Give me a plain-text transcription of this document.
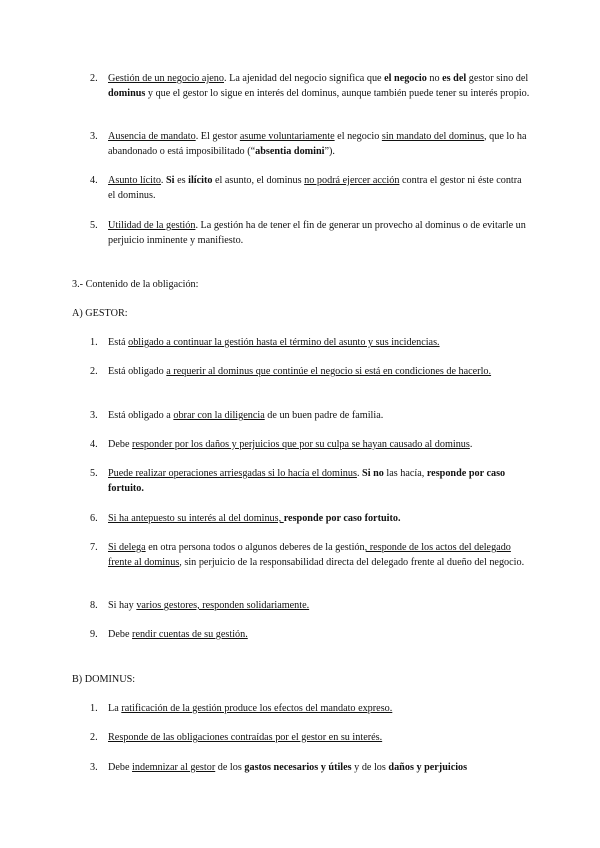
2.	Gestión de un negocio ajeno. La ajenidad del negocio significa que el negocio no es del gestor sino del dominus y que el gestor lo sigue en interés del dominus, aunque también puede tener su interés propio.
3.	Ausencia de mandato. El gestor asume voluntariamente el negocio sin mandato del dominus, que lo ha abandonado o está imposibilitado (“absentia domini”).
4.	Asunto lícito. Si es ilícito el asunto, el dominus no podrá ejercer acción contra el gestor ni éste contra el dominus.
5.	Utilidad de la gestión. La gestión ha de tener el fin de generar un provecho al dominus o de evitarle un perjuicio inminente y manifiesto.
3.- Contenido de la obligación:
A) GESTOR:
1.	Está obligado a continuar la gestión hasta el término del asunto y sus incidencias.
2.	Está obligado a requerir al dominus que continúe el negocio si está en condiciones de hacerlo.
3.	Está obligado a obrar con la diligencia de un buen padre de familia.
4.	Debe responder por los daños y perjuicios que por su culpa se hayan causado al dominus.
5.	Puede realizar operaciones arriesgadas si lo hacía el dominus. Si no las hacía, responde por caso fortuito.
6.	Si ha antepuesto su interés al del dominus, responde por caso fortuito.
7.	Si delega en otra persona todos o algunos deberes de la gestión, responde de los actos del delegado frente al dominus, sin perjuicio de la responsabilidad directa del delegado frente al dueño del negocio.
8.	Si hay varios gestores, responden solidariamente.
9.	Debe rendir cuentas de su gestión.
B) DOMINUS:
1.	La ratificación de la gestión produce los efectos del mandato expreso.
2.	Responde de las obligaciones contraídas por el gestor en su interés.
3.	Debe indemnizar al gestor de los gastos necesarios y útiles y de los daños y perjuicios
